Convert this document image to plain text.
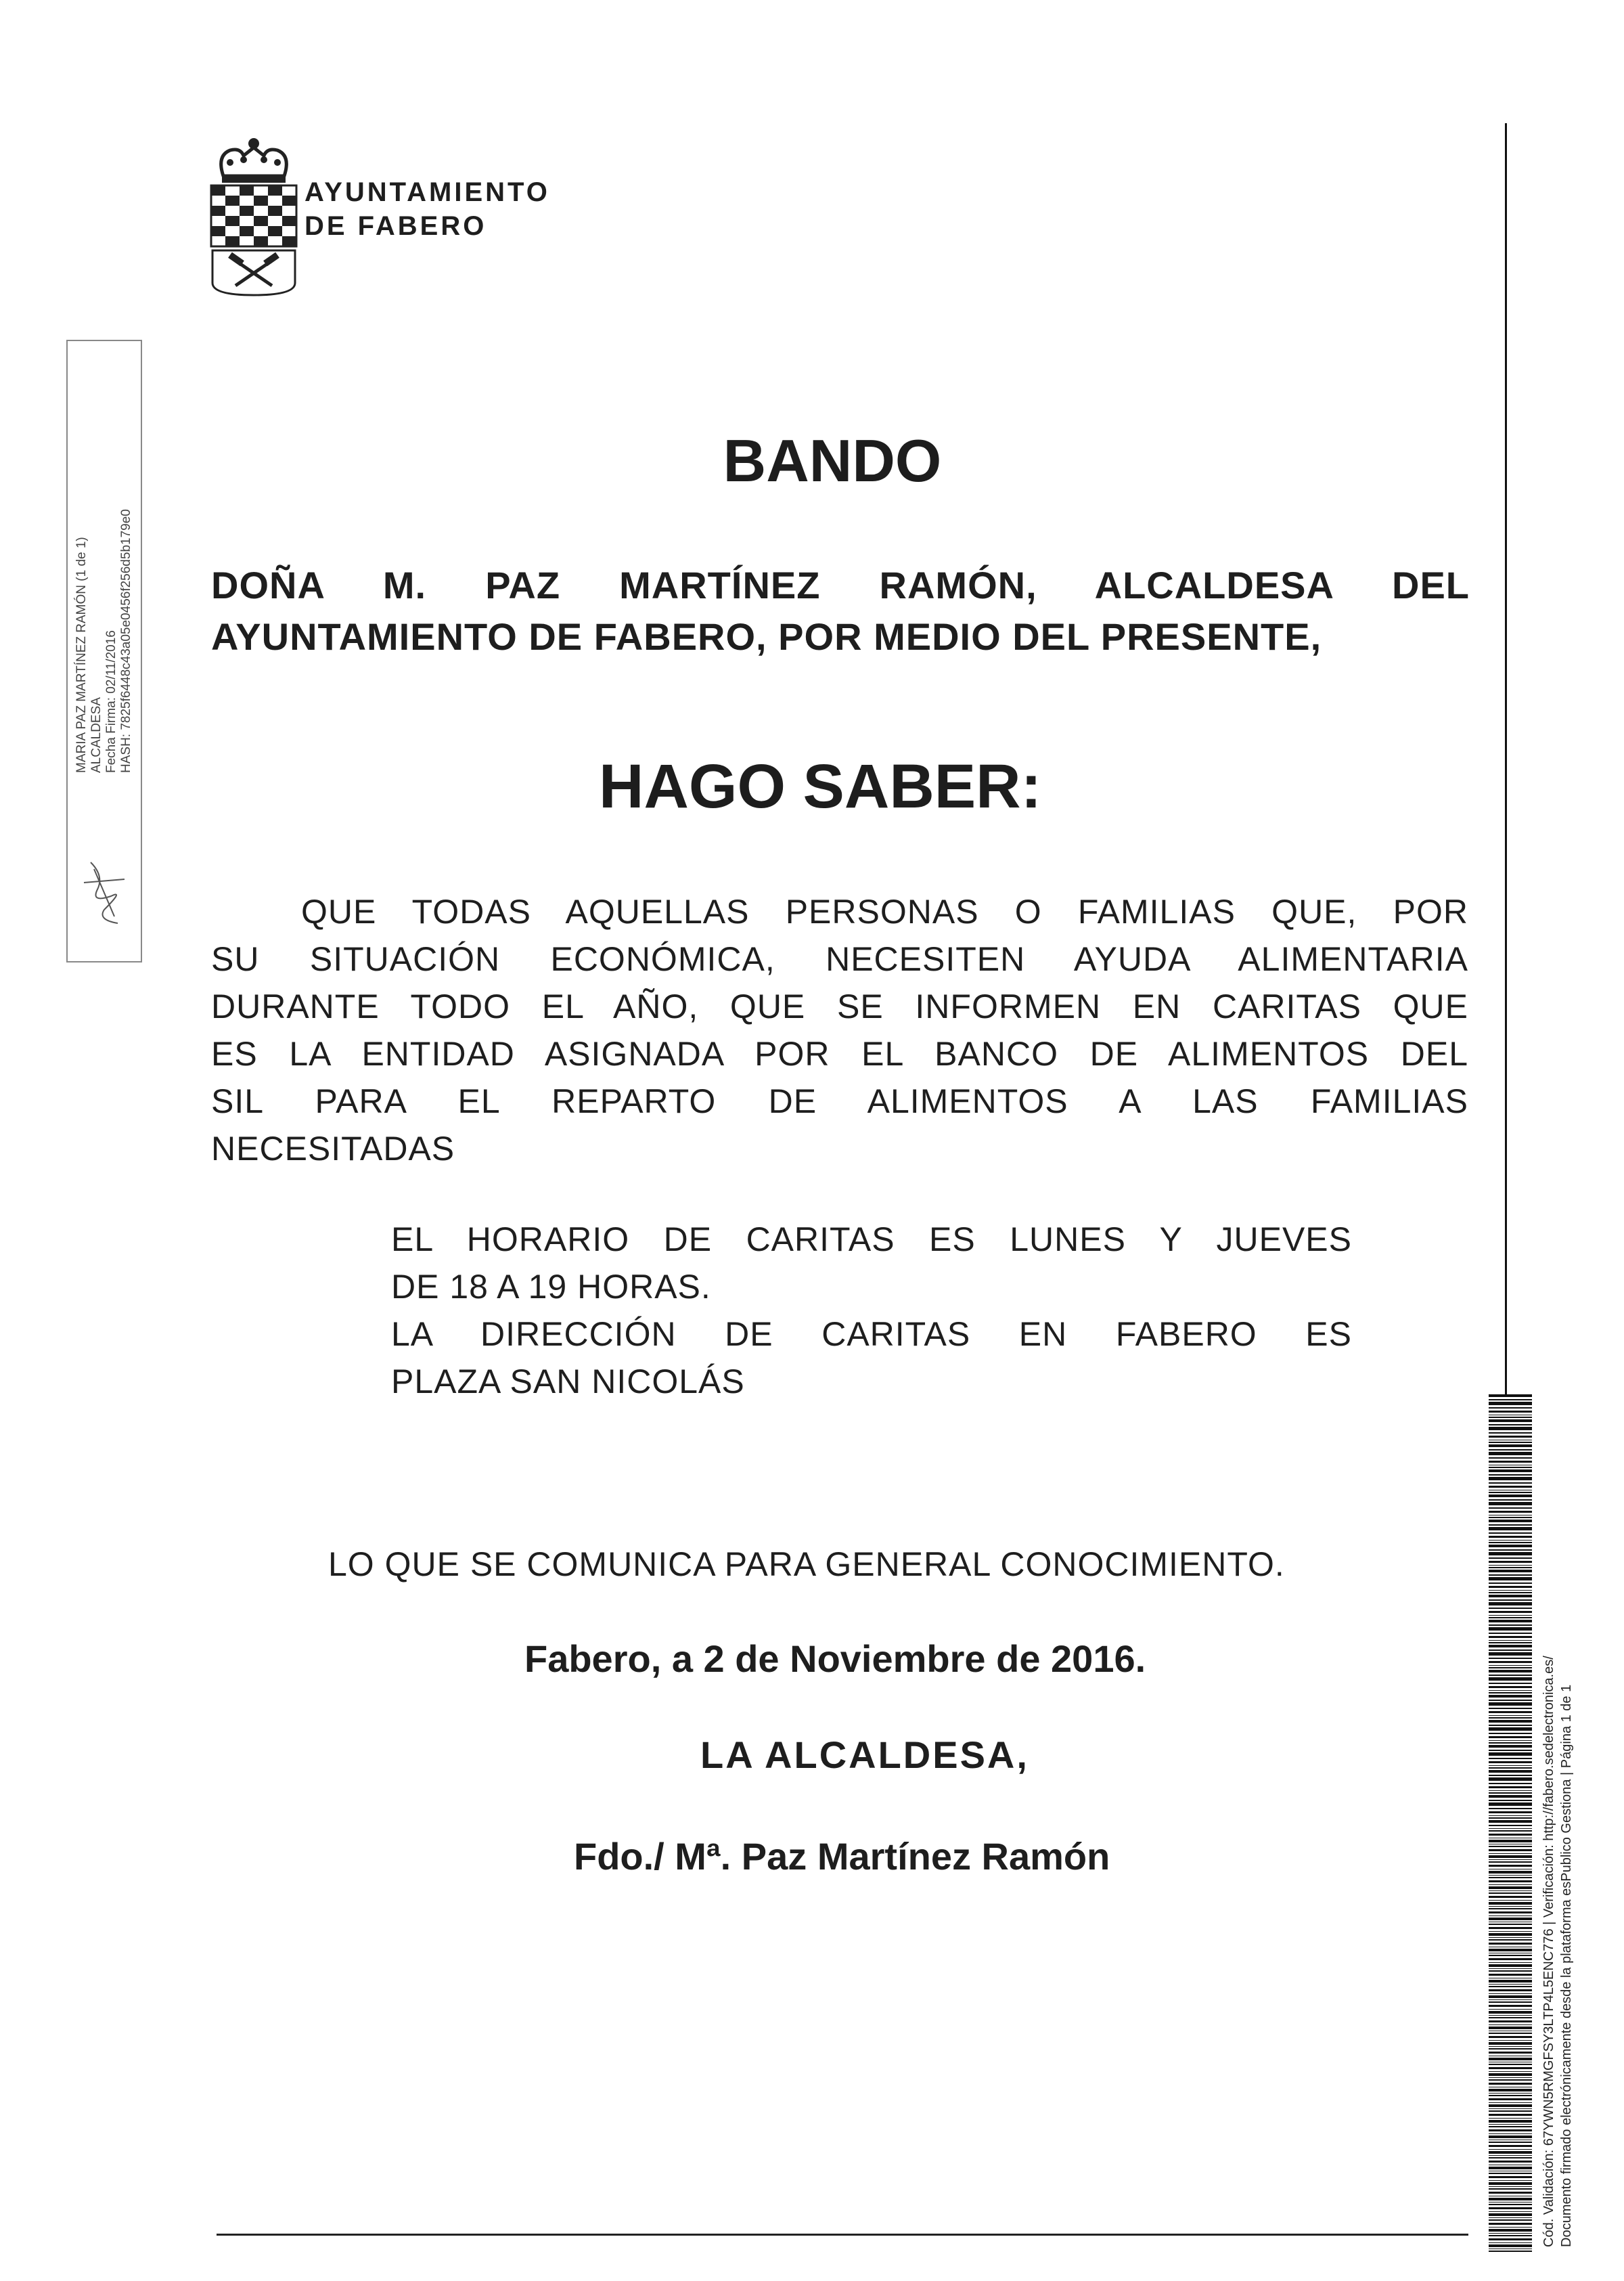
AYUNTAMIENTO
DE FABERO
MARIA PAZ MARTÍNEZ RAMÓN (1 de 1) ALCALDESA Fecha Firma: 02/11/2016 HASH: 7825f6448c43a05e0456f256d5b179e0
BANDO
DOÑA M. PAZ MARTÍNEZ RAMÓN, ALCALDESA DEL
AYUNTAMIENTO DE FABERO, POR MEDIO DEL PRESENTE,
HAGO SABER:
QUE TODAS AQUELLAS PERSONAS O FAMILIAS QUE, POR
SU SITUACIÓN ECONÓMICA, NECESITEN AYUDA ALIMENTARIA
DURANTE TODO EL AÑO, QUE SE INFORMEN EN CARITAS QUE
ES LA ENTIDAD ASIGNADA POR EL BANCO DE ALIMENTOS DEL
SIL PARA EL REPARTO DE ALIMENTOS A LAS FAMILIAS
NECESITADAS
EL HORARIO DE CARITAS ES LUNES Y JUEVES
DE 18 A 19 HORAS.
LA DIRECCIÓN DE CARITAS EN FABERO ES
PLAZA SAN NICOLÁS
LO QUE SE COMUNICA PARA GENERAL CONOCIMIENTO.
Fabero, a 2 de Noviembre de 2016.
LA ALCALDESA,
Fdo./ Mª. Paz Martínez Ramón	Cód. Validación: 67YWN5RMGFSY3LTP4L5ENC776 | Verificación: http://fabero.sedelectronica.es/ Documento firmado electrónicamente desde la plataforma esPublico Gestiona | Página 1 de 1
